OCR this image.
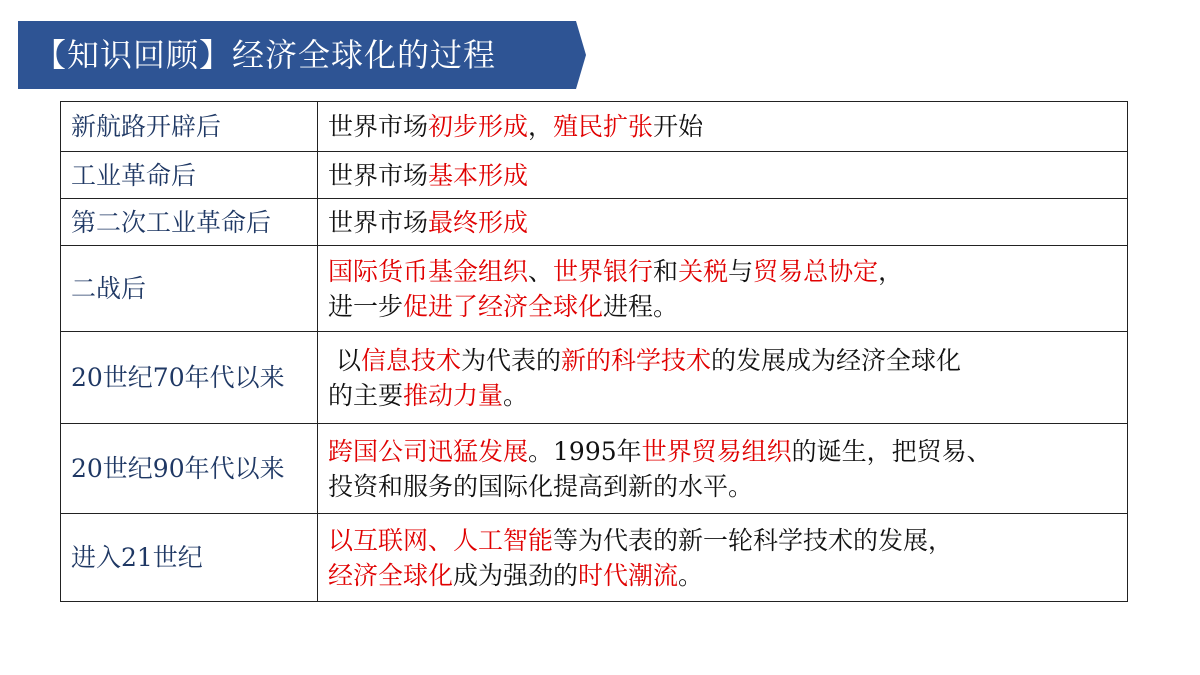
【知识回顾】经济全球化的过程
新航路开辟后	世界市场初步形成，殖民扩张开始

工业革命后	世界市场基本形成

第二次工业革命后	世界市场最终形成

二战后	国际货币基金组织、世界银行和关税与贸易总协定，
进一步促进了经济全球化进程。

20世纪70年代以来	以信息技术为代表的新的科学技术的发展成为经济全球化
的主要推动力量。

20世纪90年代以来	跨国公司迅猛发展。1995年世界贸易组织的诞生，把贸易、
投资和服务的国际化提高到新的水平。

进入21世纪	以互联网、人工智能等为代表的新一轮科学技术的发展，
经济全球化成为强劲的时代潮流。
